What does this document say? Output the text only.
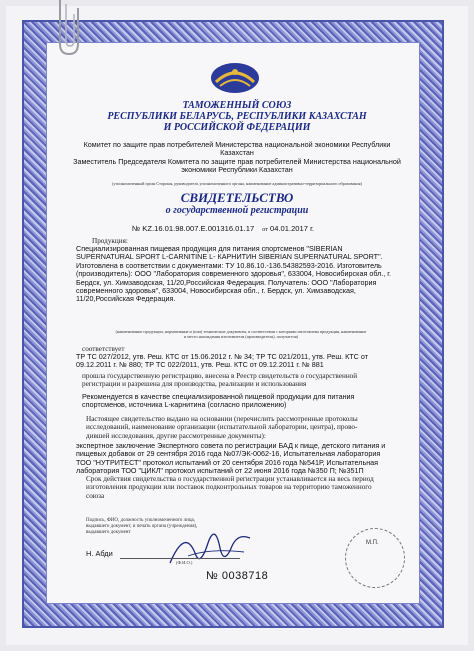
ТАМОЖЕННЫЙ СОЮЗ
РЕСПУБЛИКИ БЕЛАРУСЬ, РЕСПУБЛИКИ КАЗАХСТАН
И РОССИЙСКОЙ ФЕДЕРАЦИИ
Комитет по защите прав потребителей Министерства национальной экономики Республики
Казахстан
Заместитель Председателя Комитета по защите прав потребителей Министерства национальной
экономики Республики Казахстан
(уполномоченный орган Стороны, руководитель уполномоченного органа, наименование административно-территориального образования)
СВИДЕТЕЛЬСТВО
о государственной регистрации
№ KZ.16.01.98.007.E.001316.01.17 от 04.01.2017 г.
Продукция:
Специализированная пищевая продукция для питания спортсменов "SIBERIAN
SUPERNATURAL SPORT L-CARNITINE L- КАРНИТИН SIBERIAN SUPERNATURAL SPORT".
Изготовлена в соответствии с документами: ТУ 10.86.10.-136.54382593-2016. Изготовитель
(производитель): ООО "Лаборатория современного здоровья", 633004, Новосибирская обл., г.
Бердск, ул. Химзаводская, 11/20,Российская Федерация. Получатель: ООО "Лаборатория
современного здоровья", 633004, Новосибирская обл., г. Бердск, ул. Химзаводская,
11/20,Российская Федерация.
(наименование продукции, нормативные и (или) технические документы, в соответствии с которыми изготовлена продукция, наименование
и место нахождения изготовителя (производителя), получателя)
соответствует
ТР ТС 027/2012, утв. Реш. КТС от 15.06.2012 г. № 34; ТР ТС 021/2011, утв. Реш. КТС от
09.12.2011 г. № 880; ТР ТС 022/2011, утв. Реш. КТС от 09.12.2011 г. № 881
прошла государственную регистрацию, внесена в Реестр свидетельств о государственной
регистрации и разрешена для производства, реализации и использования
Рекомендуется в качестве специализированной пищевой продукции для питания
спортсменов, источника L-карнитина (согласно приложению)
Настоящее свидетельство выдано на основании (перечислить рассмотренные протоколы
исследований, наименование организации (испытательной лаборатории, центра), прово-
дившей исследования, другие рассмотренные документы):
экспертное заключение Экспертного совета по регистрации БАД к пище, детского питания и
пищевых добавок от 29 сентября 2016 года №07/ЭК-0062-16, Испытательная лаборатория
ТОО "НУТРИТЕСТ" протокол испытаний от 20 сентября 2016 года №541Р, Испытательная
лаборатория ТОО "ЦИКЛ" протокол испытаний от 22 июня 2016 года №350 П; №351П
Срок действия свидетельства о государственной регистрации устанавливается на весь период
изготовления продукции или поставок подконтрольных товаров на территорию таможенного
союза
Подпись, ФИО, должность уполномоченного лица,
выдавшего документ, и печать органа (учреждения),
выдавшего документ
Н. Абди
(Ф.И.О.)
М.П.
№ 0038718
